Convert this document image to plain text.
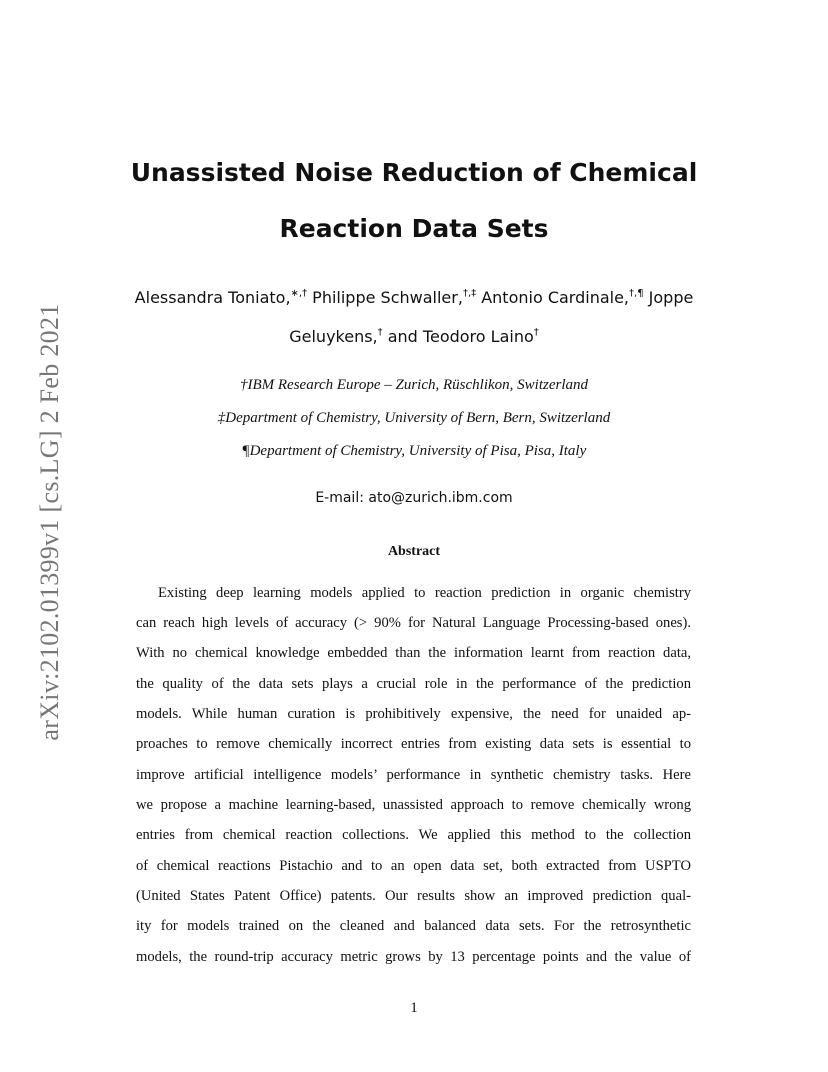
arXiv:2102.01399v1 [cs.LG] 2 Feb 2021
Unassisted Noise Reduction of Chemical
Reaction Data Sets
Alessandra Toniato,∗,† Philippe Schwaller,†,‡ Antonio Cardinale,†,¶ Joppe
Geluykens,† and Teodoro Laino†
†IBM Research Europe – Zurich, Rüschlikon, Switzerland
‡Department of Chemistry, University of Bern, Bern, Switzerland
¶Department of Chemistry, University of Pisa, Pisa, Italy
E-mail: ato@zurich.ibm.com
Abstract
Existing deep learning models applied to reaction prediction in organic chemistry
can reach high levels of accuracy (> 90% for Natural Language Processing-based ones).
With no chemical knowledge embedded than the information learnt from reaction data,
the quality of the data sets plays a crucial role in the performance of the prediction
models. While human curation is prohibitively expensive, the need for unaided ap-
proaches to remove chemically incorrect entries from existing data sets is essential to
improve artificial intelligence models’ performance in synthetic chemistry tasks. Here
we propose a machine learning-based, unassisted approach to remove chemically wrong
entries from chemical reaction collections. We applied this method to the collection
of chemical reactions Pistachio and to an open data set, both extracted from USPTO
(United States Patent Office) patents. Our results show an improved prediction qual-
ity for models trained on the cleaned and balanced data sets. For the retrosynthetic
models, the round-trip accuracy metric grows by 13 percentage points and the value of
1
